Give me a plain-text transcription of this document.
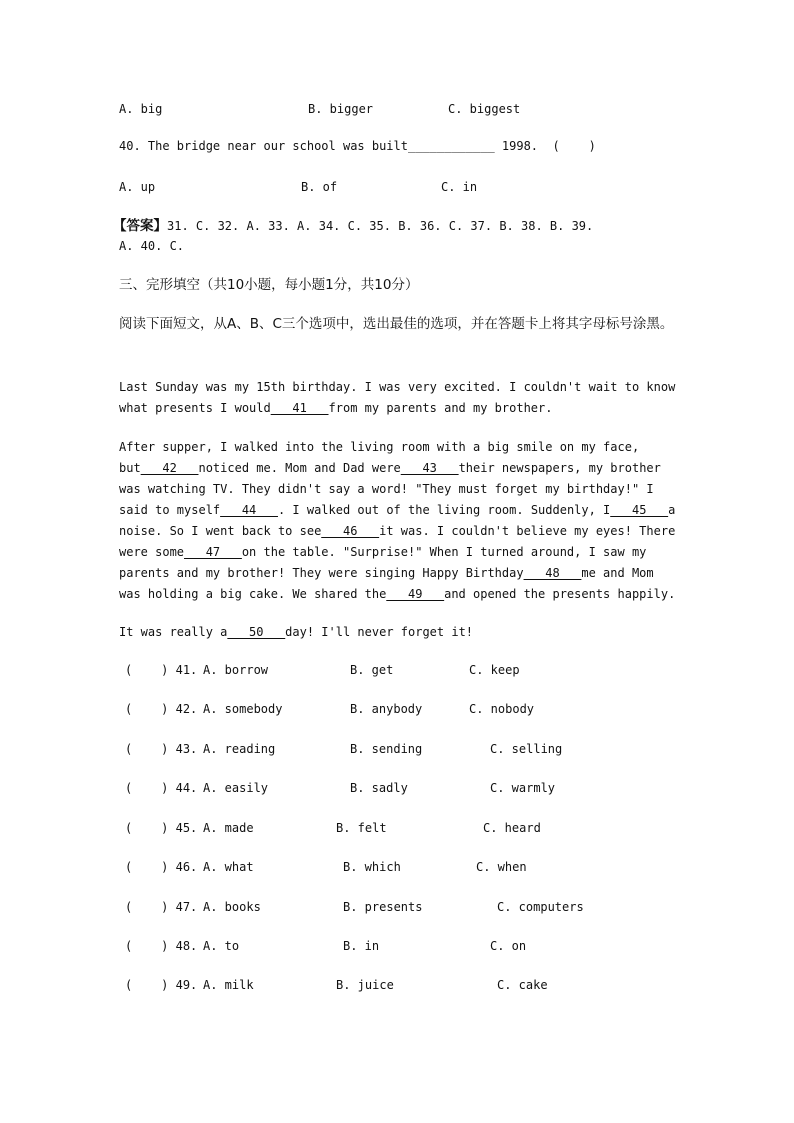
A. big	B. bigger	C. biggest
40. The bridge near our school was built____________ 1998.  (    )
A. up	B. of	C. in
【答案】31. C. 32. A. 33. A. 34. C. 35. B. 36. C. 37. B. 38. B. 39.
A. 40. C.
三、完形填空（共10小题，每小题1分，共10分）
阅读下面短文，从A、B、C三个选项中，选出最佳的选项，并在答题卡上将其字母标号涂黑。
Last Sunday was my 15th birthday. I was very excited. I couldn't wait to know what presents I would___41___from my parents and my brother.
After supper, I walked into the living room with a big smile on my face, but___42___noticed me. Mom and Dad were___43___their newspapers, my brother was watching TV. They didn't say a word! "They must forget my birthday!" I said to myself___44___. I walked out of the living room. Suddenly, I___45___a noise. So I went back to see___46___it was. I couldn't believe my eyes! There were some___47___on the table. "Surprise!" When I turned around, I saw my parents and my brother! They were singing Happy Birthday___48___me and Mom was holding a big cake. We shared the___49___and opened the presents happily.
It was really a___50___day! I'll never forget it!
(    ) 41. A. borrow	B. get	C. keep
(    ) 42. A. somebody	B. anybody	C. nobody
(    ) 43. A. reading	B. sending	C. selling
(    ) 44. A. easily	B. sadly	C. warmly
(    ) 45. A. made	B. felt	C. heard
(    ) 46. A. what	B. which	C. when
(    ) 47. A. books	B. presents	C. computers
(    ) 48. A. to	B. in	C. on
(    ) 49. A. milk	B. juice	C. cake
